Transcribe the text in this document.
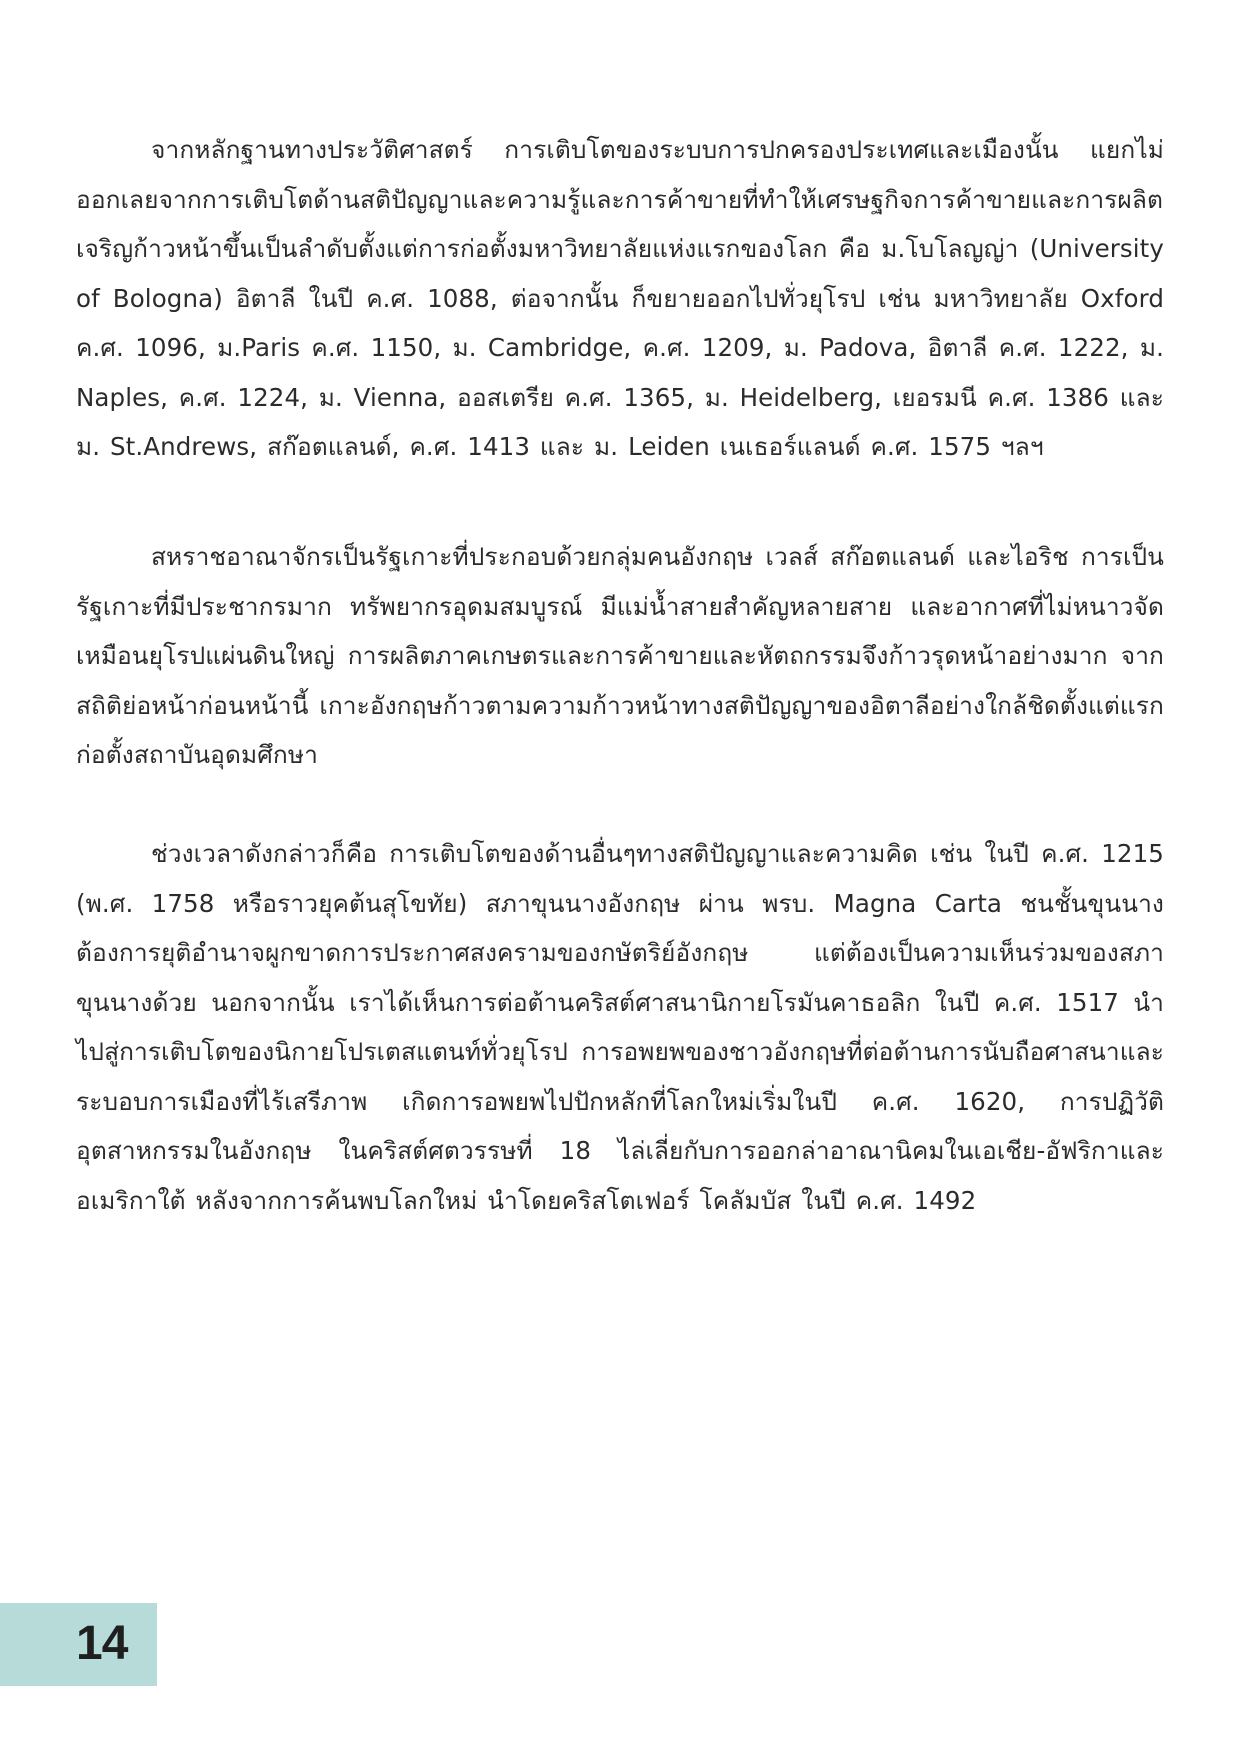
จากหลักฐานทางประวัติศาสตร์ การเติบโตของระบบการปกครองประเทศและเมืองนั้น แยกไม่ออกเลยจากการเติบโตด้านสติปัญญาและความรู้และการค้าขายที่ทำให้เศรษฐกิจการค้าขายและการผลิตเจริญก้าวหน้าขึ้นเป็นลำดับตั้งแต่การก่อตั้งมหาวิทยาลัยแห่งแรกของโลก คือ ม.โบโลญญ่า (University of Bologna) อิตาลี ในปี ค.ศ. 1088, ต่อจากนั้น ก็ขยายออกไปทั่วยุโรป เช่น มหาวิทยาลัย Oxford ค.ศ. 1096, ม.Paris ค.ศ. 1150, ม. Cambridge, ค.ศ. 1209, ม. Padova, อิตาลี ค.ศ. 1222, ม. Naples, ค.ศ. 1224, ม. Vienna, ออสเตรีย ค.ศ. 1365, ม. Heidelberg, เยอรมนี ค.ศ. 1386 และ ม. St.Andrews, สก๊อตแลนด์, ค.ศ. 1413 และ ม. Leiden เนเธอร์แลนด์ ค.ศ. 1575 ฯลฯ

สหราชอาณาจักรเป็นรัฐเกาะที่ประกอบด้วยกลุ่มคนอังกฤษ เวลส์ สก๊อตแลนด์ และไอริช การเป็นรัฐเกาะที่มีประชากรมาก ทรัพยากรอุดมสมบูรณ์ มีแม่น้ำสายสำคัญหลายสาย และอากาศที่ไม่หนาวจัดเหมือนยุโรปแผ่นดินใหญ่ การผลิตภาคเกษตรและการค้าขายและหัตถกรรมจึงก้าวรุดหน้าอย่างมาก จากสถิติย่อหน้าก่อนหน้านี้ เกาะอังกฤษก้าวตามความก้าวหน้าทางสติปัญญาของอิตาลีอย่างใกล้ชิดตั้งแต่แรกก่อตั้งสถาบันอุดมศึกษา

ช่วงเวลาดังกล่าวก็คือ การเติบโตของด้านอื่นๆทางสติปัญญาและความคิด เช่น ในปี ค.ศ. 1215 (พ.ศ. 1758 หรือราวยุคต้นสุโขทัย) สภาขุนนางอังกฤษ ผ่าน พรบ. Magna Carta ชนชั้นขุนนางต้องการยุติอำนาจผูกขาดการประกาศสงครามของกษัตริย์อังกฤษ แต่ต้องเป็นความเห็นร่วมของสภาขุนนางด้วย นอกจากนั้น เราได้เห็นการต่อต้านคริสต์ศาสนานิกายโรมันคาธอลิก ในปี ค.ศ. 1517 นำไปสู่การเติบโตของนิกายโปรเตสแตนท์ทั่วยุโรป การอพยพของชาวอังกฤษที่ต่อต้านการนับถือศาสนาและระบอบการเมืองที่ไร้เสรีภาพ เกิดการอพยพไปปักหลักที่โลกใหม่เริ่มในปี ค.ศ. 1620, การปฏิวัติอุตสาหกรรมในอังกฤษ ในคริสต์ศตวรรษที่ 18 ไล่เลี่ยกับการออกล่าอาณานิคมในเอเชีย-อัฟริกาและอเมริกาใต้ หลังจากการค้นพบโลกใหม่ นำโดยคริสโตเฟอร์ โคลัมบัส ในปี ค.ศ. 1492

14
